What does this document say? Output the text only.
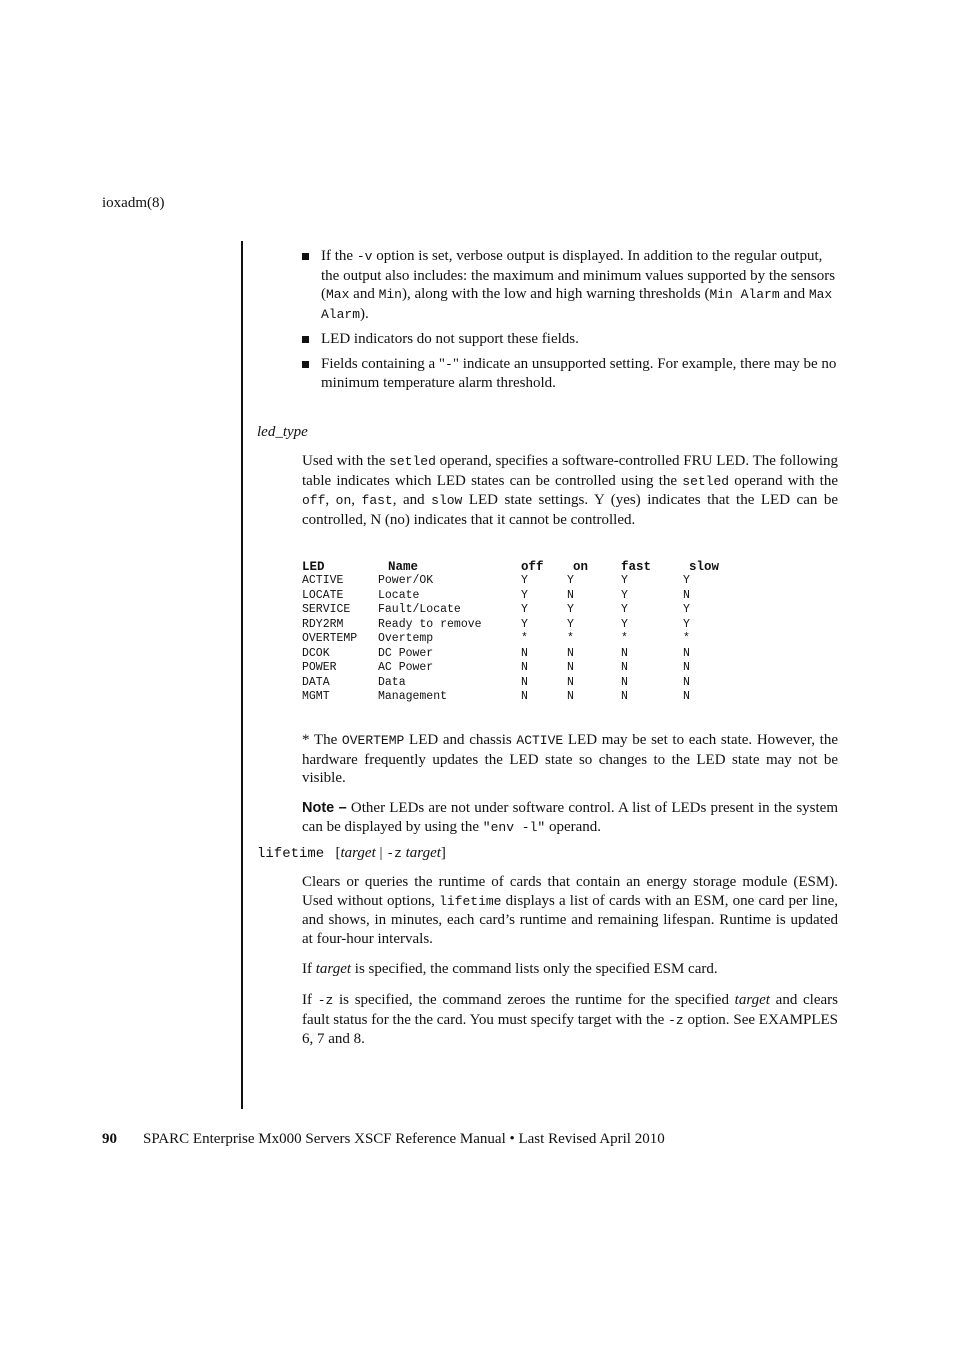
ioxadm(8)
If the -v option is set, verbose output is displayed. In addition to the regular output, the output also includes: the maximum and minimum values supported by the sensors (Max and Min), along with the low and high warning thresholds (Min Alarm and Max Alarm).
LED indicators do not support these fields.
Fields containing a "-" indicate an unsupported setting. For example, there may be no minimum temperature alarm threshold.
led_type

Used with the setled operand, specifies a software-controlled FRU LED. The following table indicates which LED states can be controlled using the setled operand with the off, on, fast, and slow LED state settings. Y (yes) indicates that the LED can be controlled, N (no) indicates that it cannot be controlled.

LED	Name	off	on	fast	slow
ACTIVE	Power/OK	Y	Y	Y	Y
LOCATE	Locate	Y	N	Y	N
SERVICE	Fault/Locate	Y	Y	Y	Y
RDY2RM	Ready to remove	Y	Y	Y	Y
OVERTEMP	Overtemp	*	*	*	*
DCOK	DC Power	N	N	N	N
POWER	AC Power	N	N	N	N
DATA	Data	N	N	N	N
MGMT	Management	N	N	N	N

* The OVERTEMP LED and chassis ACTIVE LED may be set to each state. However, the hardware frequently updates the LED state so changes to the LED state may not be visible.

Note – Other LEDs are not under software control. A list of LEDs present in the system can be displayed by using the "env -l" operand.

lifetime [target | -z target]

Clears or queries the runtime of cards that contain an energy storage module (ESM). Used without options, lifetime displays a list of cards with an ESM, one card per line, and shows, in minutes, each card’s runtime and remaining lifespan. Runtime is updated at four-hour intervals.

If target is specified, the command lists only the specified ESM card.

If -z is specified, the command zeroes the runtime for the specified target and clears fault status for the the card. You must specify target with the -z option. See EXAMPLES 6, 7 and 8.

90 SPARC Enterprise Mx000 Servers XSCF Reference Manual • Last Revised April 2010
